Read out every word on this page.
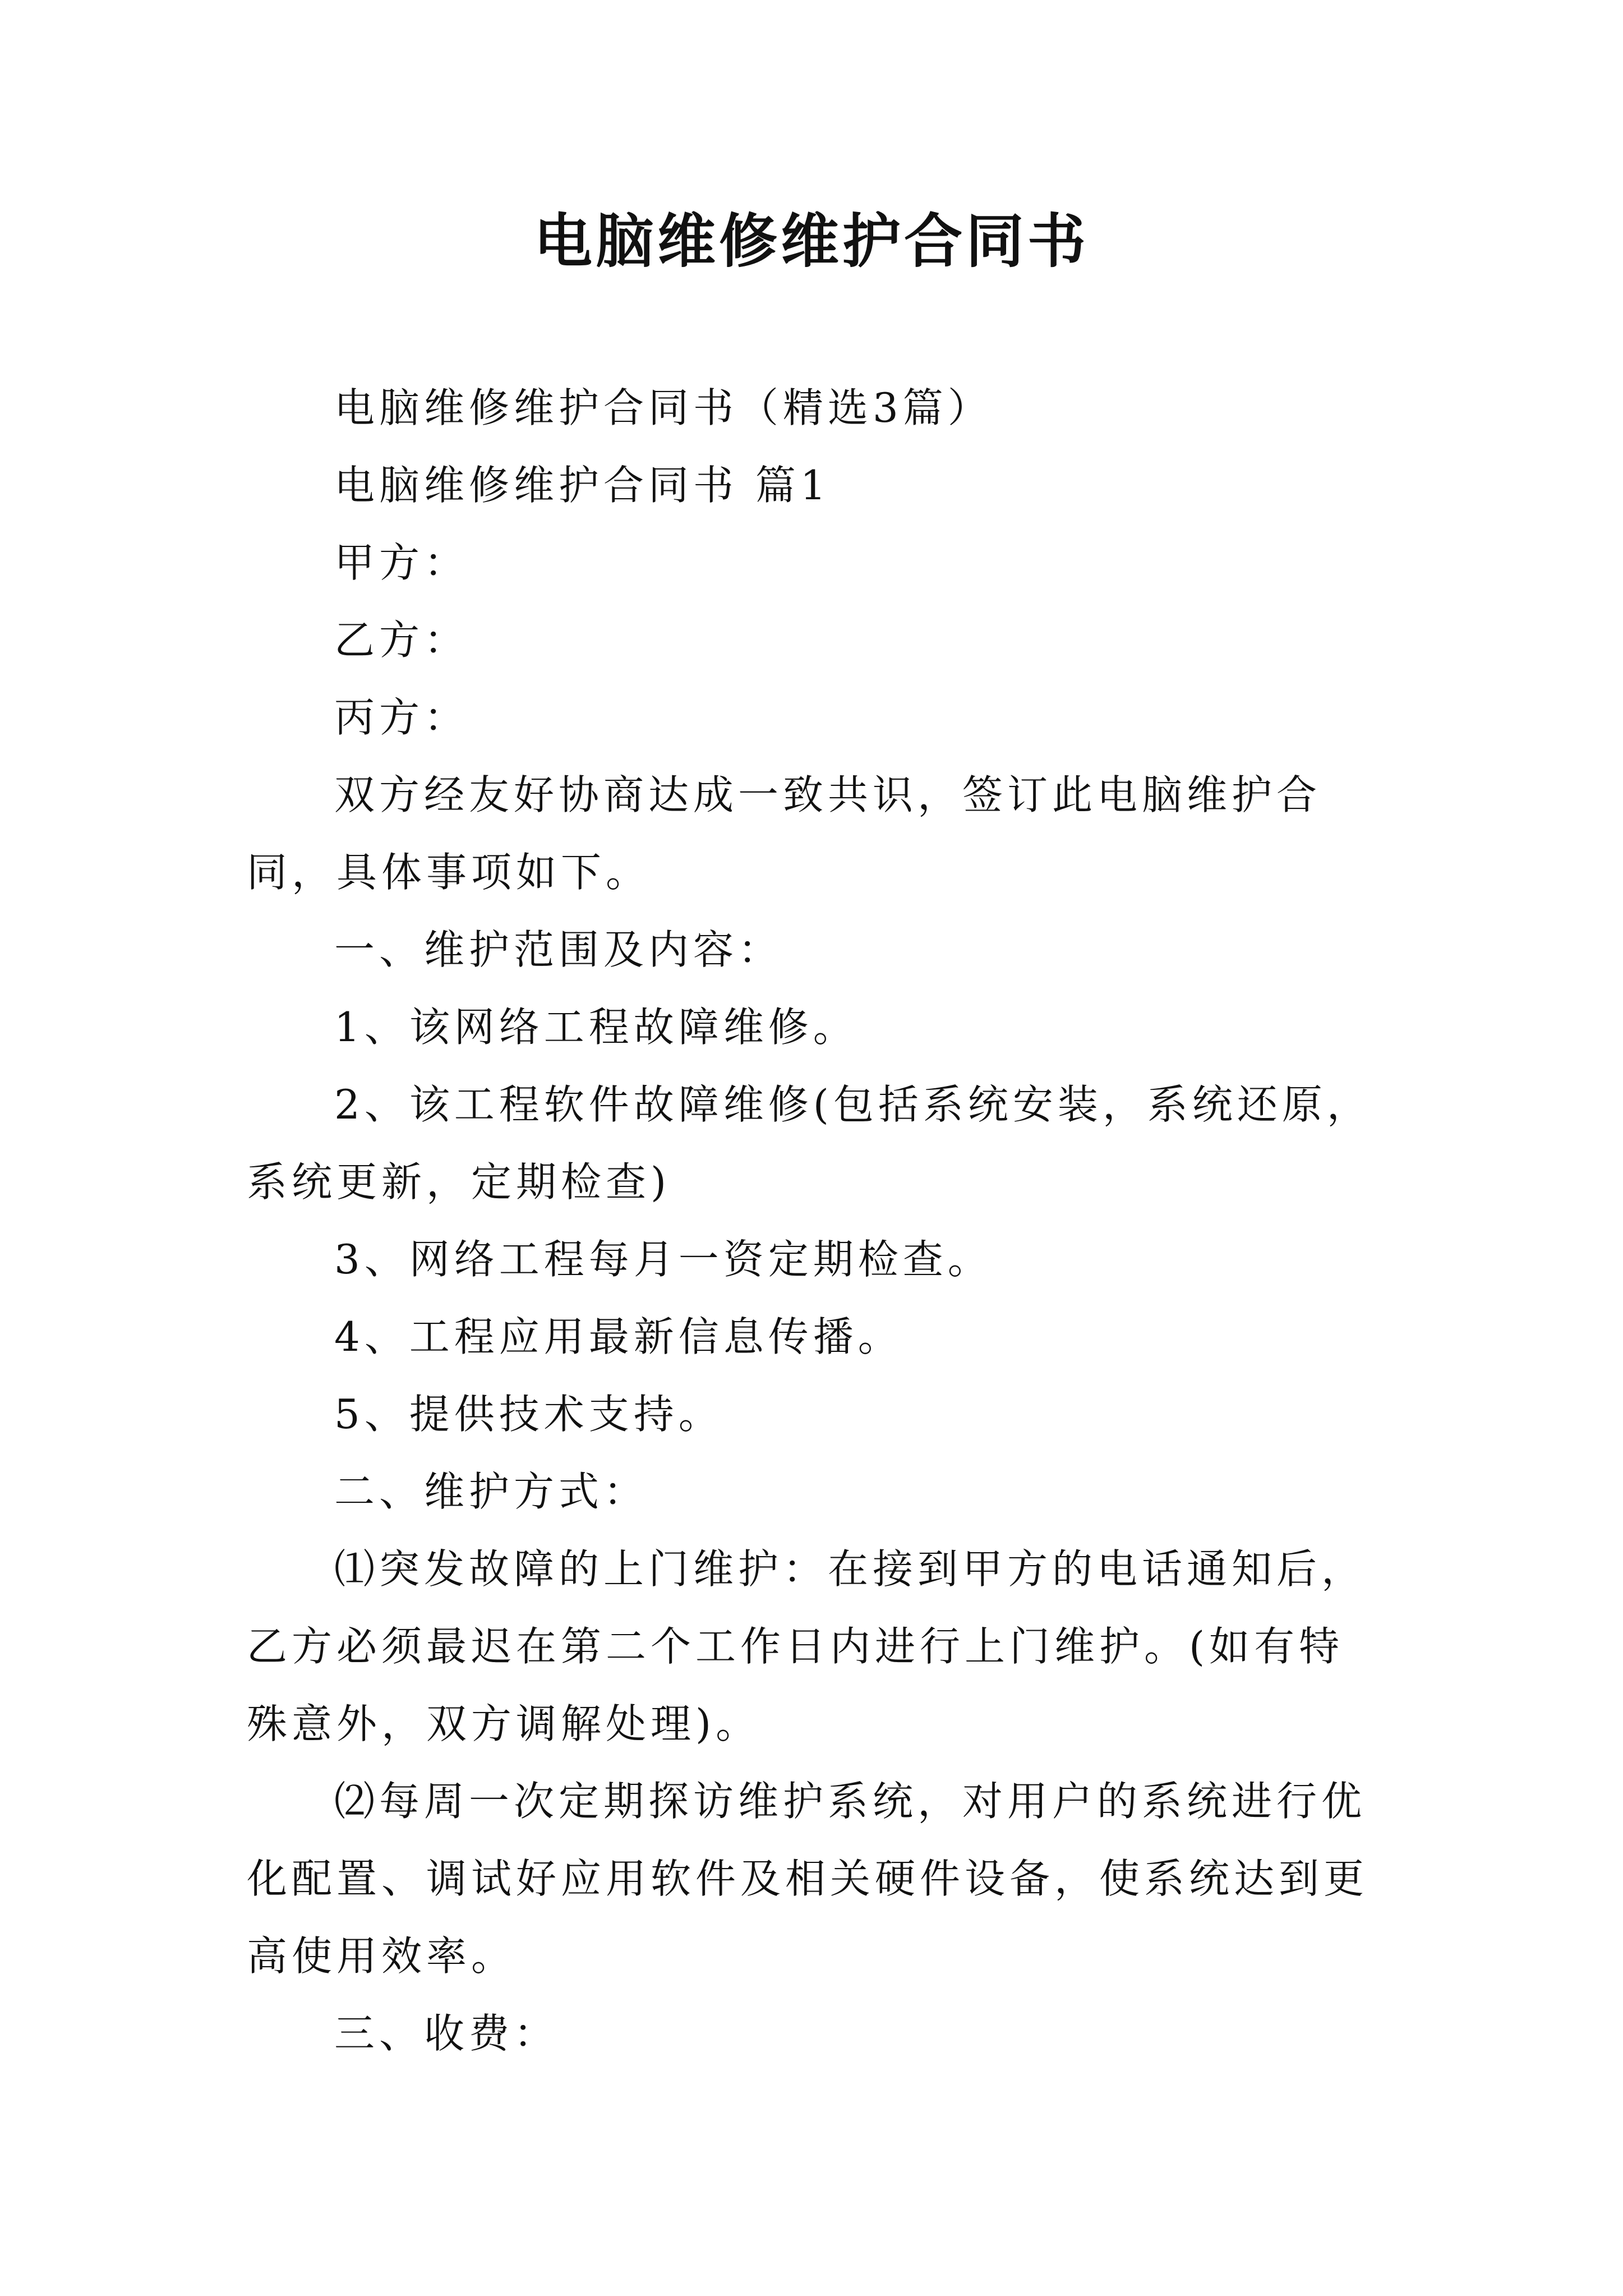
电脑维修维护合同书

电脑维修维护合同书（精选3篇）

电脑维修维护合同书 篇1

甲方：

乙方：

丙方：

双方经友好协商达成一致共识，签订此电脑维护合同，具体事项如下。

一、维护范围及内容：

1、该网络工程故障维修。

2、该工程软件故障维修(包括系统安装，系统还原，系统更新，定期检查)

3、网络工程每月一资定期检查。

4、工程应用最新信息传播。

5、提供技术支持。

二、维护方式：

⑴突发故障的上门维护：在接到甲方的电话通知后，乙方必须最迟在第二个工作日内进行上门维护。(如有特殊意外，双方调解处理)。

⑵每周一次定期探访维护系统，对用户的系统进行优化配置、调试好应用软件及相关硬件设备，使系统达到更高使用效率。

三、收费：
